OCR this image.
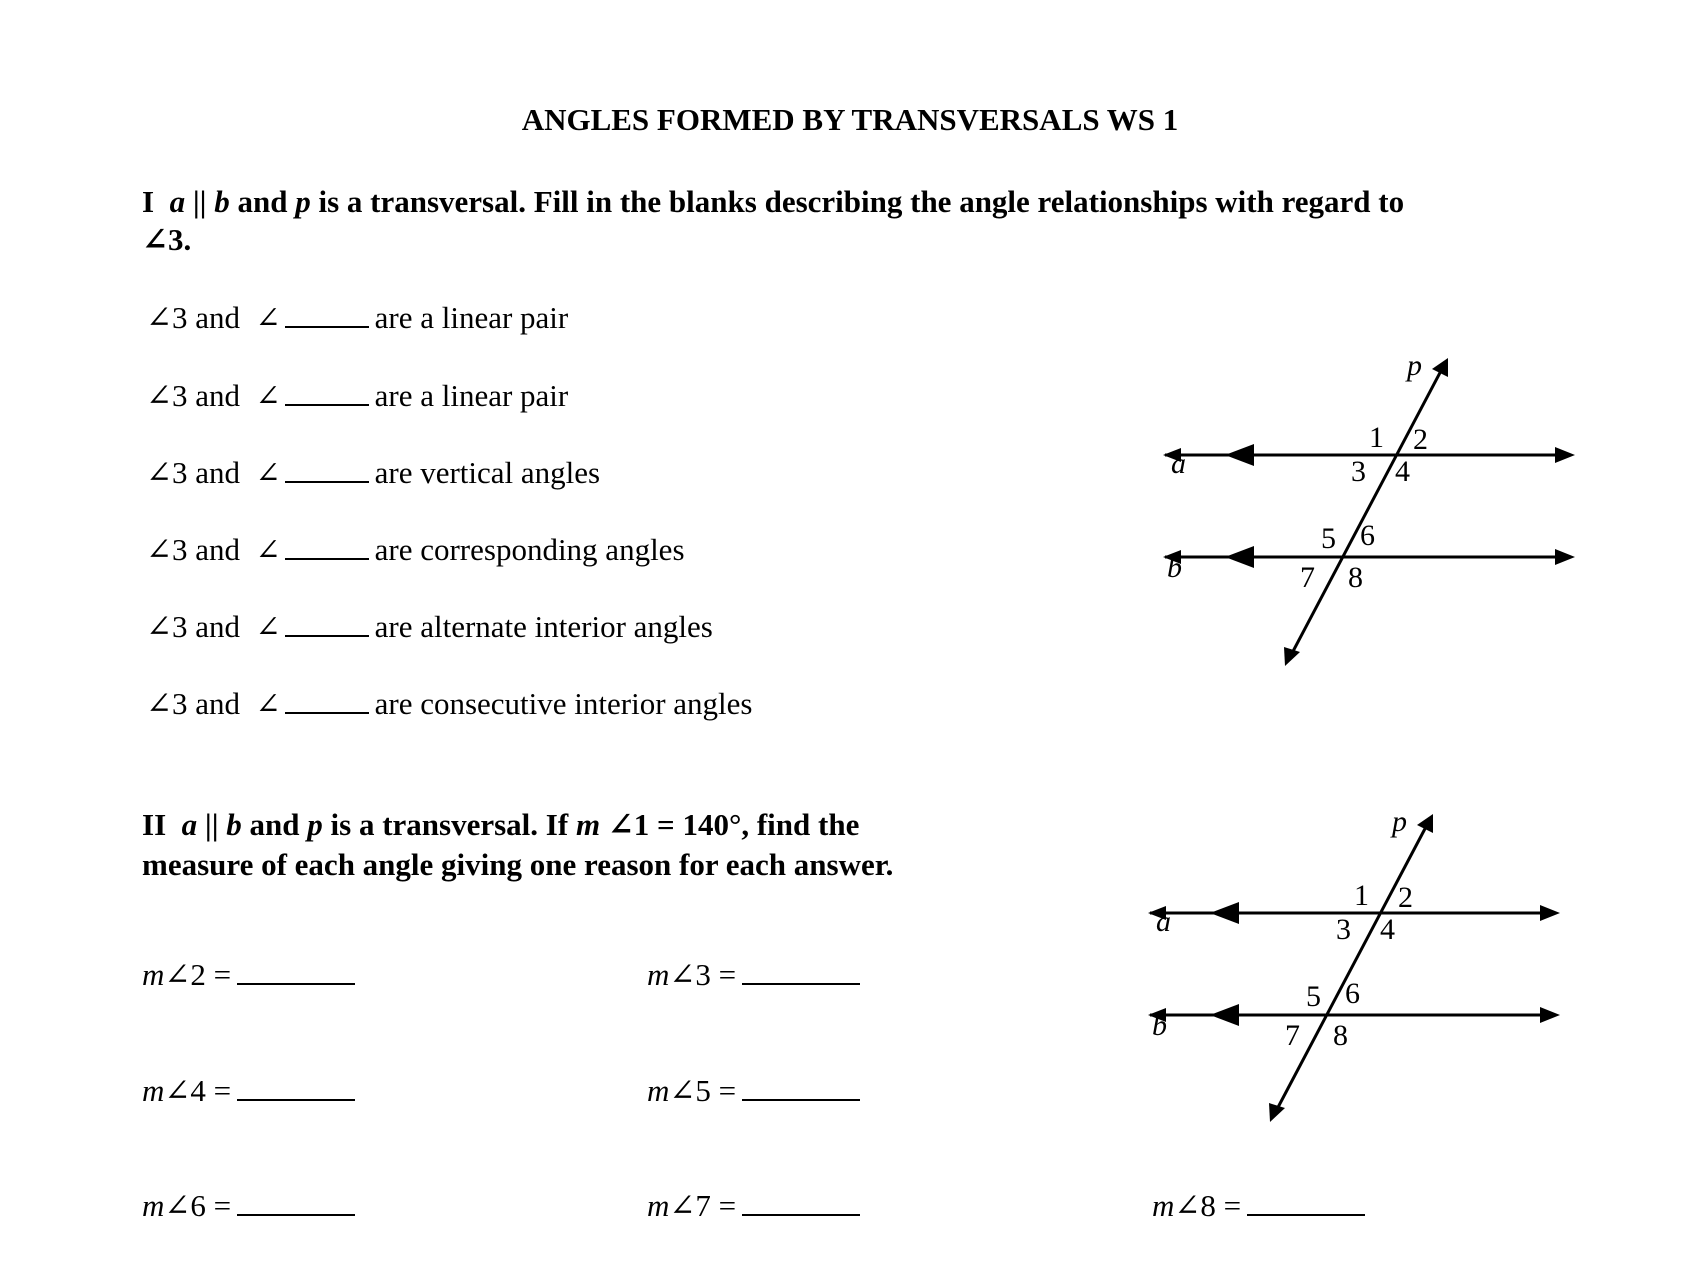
ANGLES FORMED BY TRANSVERSALS WS 1
I a || b and p is a transversal. Fill in the blanks describing the angle relationships with regard to
∠3.
∠3 and ∠	are a linear pair
∠3 and ∠	are a linear pair
∠3 and ∠	are vertical angles
∠3 and ∠	are corresponding angles
∠3 and ∠	are alternate interior angles
∠3 and ∠	are consecutive interior angles
II a || b and p is a transversal. If m ∠1 = 140°, find the
measure of each angle giving one reason for each answer.
m∠2 =	m∠3 =
m∠4 =	m∠5 =
m∠6 =	m∠7 =	m∠8 =
a
b
p
1 2
3 4
5 6
7 8
a
b
p
1 2
3 4
5 6
7 8
